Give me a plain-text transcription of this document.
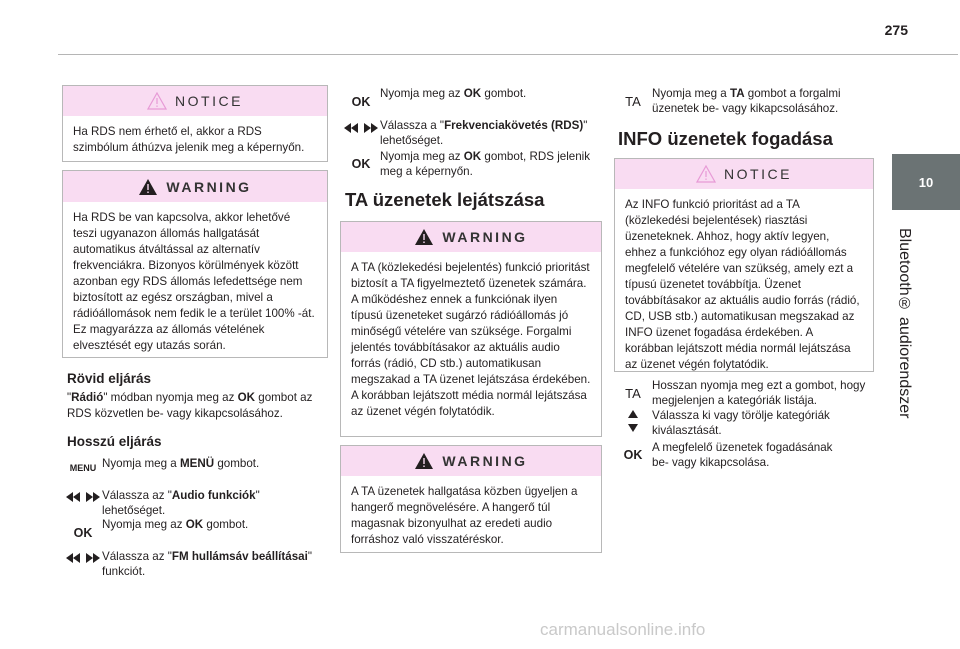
275
10
Bluetooth® audiorendszer
NOTICE
Ha RDS nem érhető el, akkor a RDS szimbólum áthúzva jelenik meg a képernyőn.
WARNING
Ha RDS be van kapcsolva, akkor lehetővé teszi ugyanazon állomás hallgatását automatikus átváltással az alternatív frekvenciákra. Bizonyos körülmények között azonban egy RDS állomás lefedettsége nem biztosított az egész országban, mivel a rádióállomások nem fedik le a terület 100% -át. Ez magyarázza az állomás vételének elvesztését egy utazás során.
Rövid eljárás
"Rádió" módban nyomja meg az OK gombot az RDS közvetlen be- vagy kikapcsolásához.
Hosszú eljárás
MENU Nyomja meg a MENÜ gombot.
Válassza az "Audio funkciók" lehetőséget.
OK
Nyomja meg az OK gombot.
Válassza az "FM hullámsáv beállításai" funkciót.
OK
Nyomja meg az OK gombot.
Válassza a "Frekvenciakövetés (RDS)" lehetőséget.
OK
Nyomja meg az OK gombot, RDS jelenik meg a képernyőn.
TA üzenetek lejátszása
WARNING
A TA (közlekedési bejelentés) funkció prioritást biztosít a TA figyelmeztető üzenetek számára. A működéshez ennek a funkciónak ilyen típusú üzeneteket sugárzó rádióállomás jó minőségű vételére van szüksége. Forgalmi jelentés továbbításakor az aktuális audio forrás (rádió, CD stb.) automatikusan megszakad a TA üzenet lejátszása érdekében. A korábban lejátszott média normál lejátszása az üzenet végén folytatódik.
WARNING
A TA üzenetek hallgatása közben ügyeljen a hangerő megnövelésére. A hangerő túl magasnak bizonyulhat az eredeti audio forráshoz való visszatéréskor.
TA
Nyomja meg a TA gombot a forgalmi üzenetek be- vagy kikapcsolásához.
INFO üzenetek fogadása
NOTICE
Az INFO funkció prioritást ad a TA (közlekedési bejelentések) riasztási üzeneteknek. Ahhoz, hogy aktív legyen, ehhez a funkcióhoz egy olyan rádióállomás megfelelő vételére van szükség, amely ezt a típusú üzenetet továbbítja. Üzenet továbbításakor az aktuális audio forrás (rádió, CD, USB stb.) automatikusan megszakad az INFO üzenet fogadása érdekében. A korábban lejátszott média normál lejátszása az üzenet végén folytatódik.
TA
Hosszan nyomja meg ezt a gombot, hogy megjelenjen a kategóriák listája.
Válassza ki vagy törölje kategóriák kiválasztását.
OK
A megfelelő üzenetek fogadásának be- vagy kikapcsolása.
carmanualsonline.info
